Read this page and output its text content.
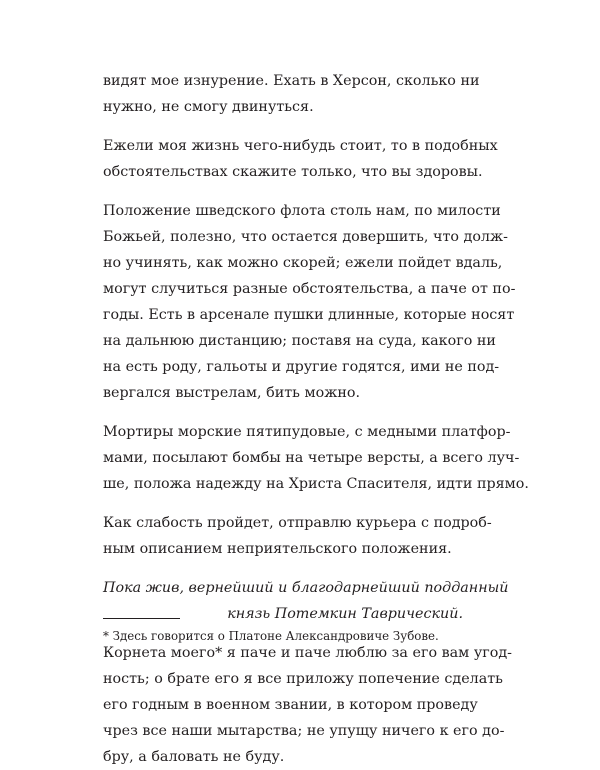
видят мое изнурение. Ехать в Херсон, сколько ни
нужно, не смогу двинуться.
Ежели моя жизнь чего-нибудь стоит, то в подобных
обстоятельствах скажите только, что вы здоровы.
Положение шведского флота столь нам, по милости
Божьей, полезно, что остается довершить, что долж-
но учинять, как можно скорей; ежели пойдет вдаль,
могут случиться разные обстоятельства, а паче от по-
годы. Есть в арсенале пушки длинные, которые носят
на дальнюю дистанцию; поставя на суда, какого ни
на есть роду, гальоты и другие годятся, ими не под-
вергался выстрелам, бить можно.
Мортиры морские пятипудовые, с медными платфор-
мами, посылают бомбы на четыре версты, а всего луч-
ше, положа надежду на Христа Спасителя, идти прямо.
Как слабость пройдет, отправлю курьера с подроб-
ным описанием неприятельского положения.
Пока жив, вернейший и благодарнейший подданный
князь Потемкин Таврический.
Корнета моего* я паче и паче люблю за его вам угод-
ность; о брате его я все приложу попечение сделать
его годным в военном звании, в котором проведу
чрез все наши мытарства; не упущу ничего к его до-
бру, а баловать не буду.
* Здесь говорится о Платоне Александровиче Зубове.
